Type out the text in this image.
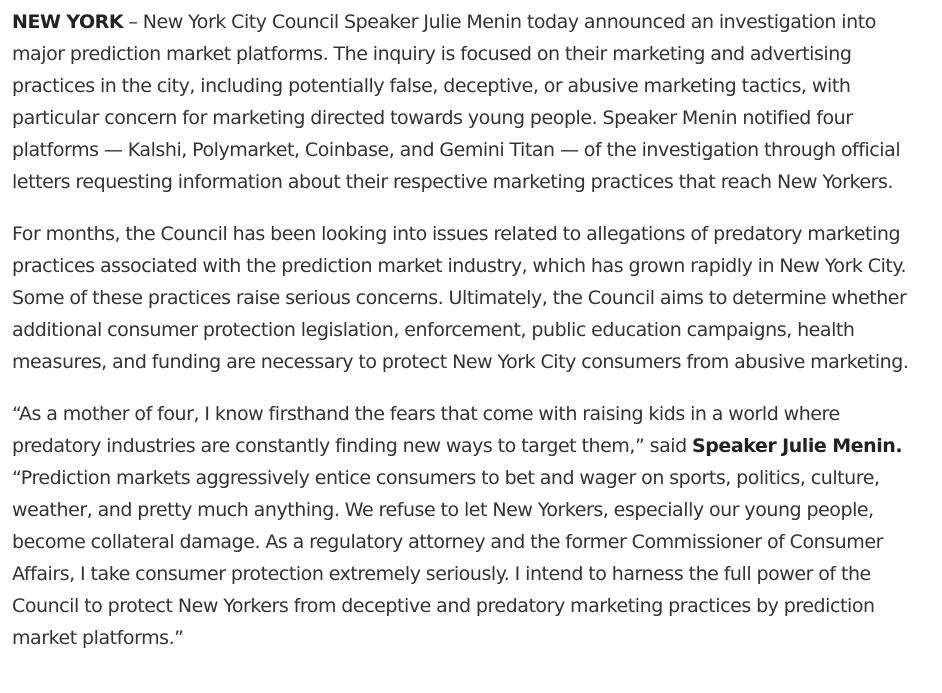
NEW YORK – New York City Council Speaker Julie Menin today announced an investigation into major prediction market platforms. The inquiry is focused on their marketing and advertising practices in the city, including potentially false, deceptive, or abusive marketing tactics, with particular concern for marketing directed towards young people. Speaker Menin notified four platforms — Kalshi, Polymarket, Coinbase, and Gemini Titan — of the investigation through official letters requesting information about their respective marketing practices that reach New Yorkers.

For months, the Council has been looking into issues related to allegations of predatory marketing practices associated with the prediction market industry, which has grown rapidly in New York City. Some of these practices raise serious concerns. Ultimately, the Council aims to determine whether additional consumer protection legislation, enforcement, public education campaigns, health measures, and funding are necessary to protect New York City consumers from abusive marketing.

“As a mother of four, I know firsthand the fears that come with raising kids in a world where predatory industries are constantly finding new ways to target them,” said Speaker Julie Menin. “Prediction markets aggressively entice consumers to bet and wager on sports, politics, culture, weather, and pretty much anything. We refuse to let New Yorkers, especially our young people, become collateral damage. As a regulatory attorney and the former Commissioner of Consumer Affairs, I take consumer protection extremely seriously. I intend to harness the full power of the Council to protect New Yorkers from deceptive and predatory marketing practices by prediction market platforms.”
